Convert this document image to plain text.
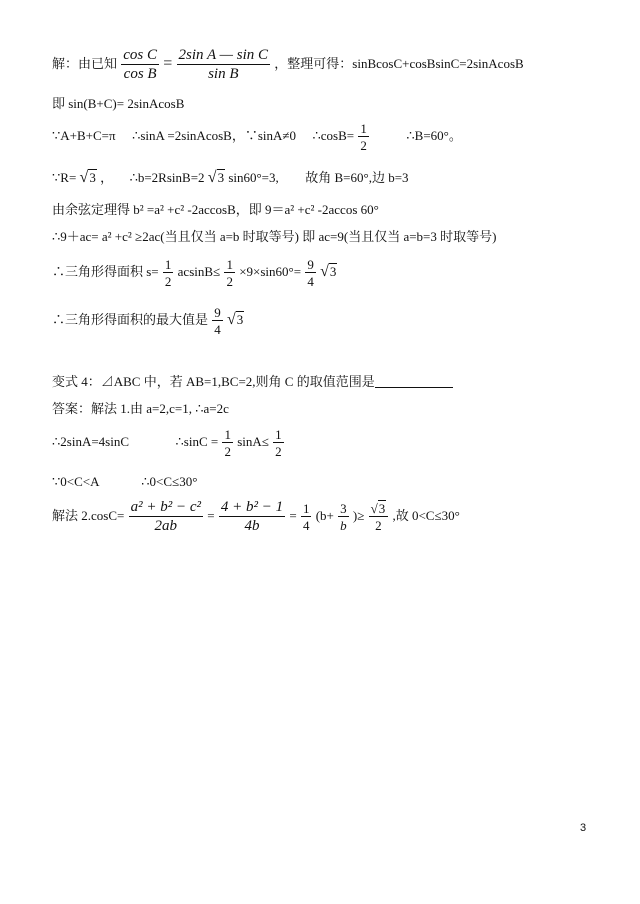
解：由已知 $\frac{\text{cos C}}{\text{cos B}} = \frac{\text{2sin A — sin C}}{\text{sin B}}$ ，整理可得：sinBcosC+cosBsinC=2sinAcosB
即 sin(B+C)= 2sinAcosB
∵A+B+C=π ∴sinA =2sinAcosB，∵sinA≠0 ∴cosB= $\frac{1}{2}$	∴B=60°。
∵R= √3 ， ∴b=2RsinB=2 √3 sin60°=3, 故角 B=60°,边 b=3
由余弦定理得 b² =a² +c² -2accosB，即 9＝a² +c² -2accos 60°
∴9＋ac= a² +c² ≥2ac(当且仅当 a=b 时取等号) 即 ac=9(当且仅当 a=b=3 时取等号)
∴三角形得面积 $s= \frac{1}{2} acsinB\le \frac{1}{2} \times 9\times\sin 60^\circ= \frac{9}{4} √3$
∴三角形得面积的最大值是 $\frac{9}{4} √3$
变式 4：⊿ABC 中，若 AB=1,BC=2,则角 C 的取值范围是
答案：解法 1.由 a=2,c=1, ∴a=2c
∴2sinA=4sinC	∴sinC = $\frac{1}{2} \sin A\le \frac{1}{2}$
∵0<C<A	∴0<C≤30°
解法 $2.\cos C= \frac{\text{a² + b² − c²}}{2ab} = \frac{\text{4 + b² − 1}}{4b} = \frac{1}{4} (b+ \frac{3}{b}$ )≥ $\frac{√3}{2}$ ,故 0<C≤30°
3
